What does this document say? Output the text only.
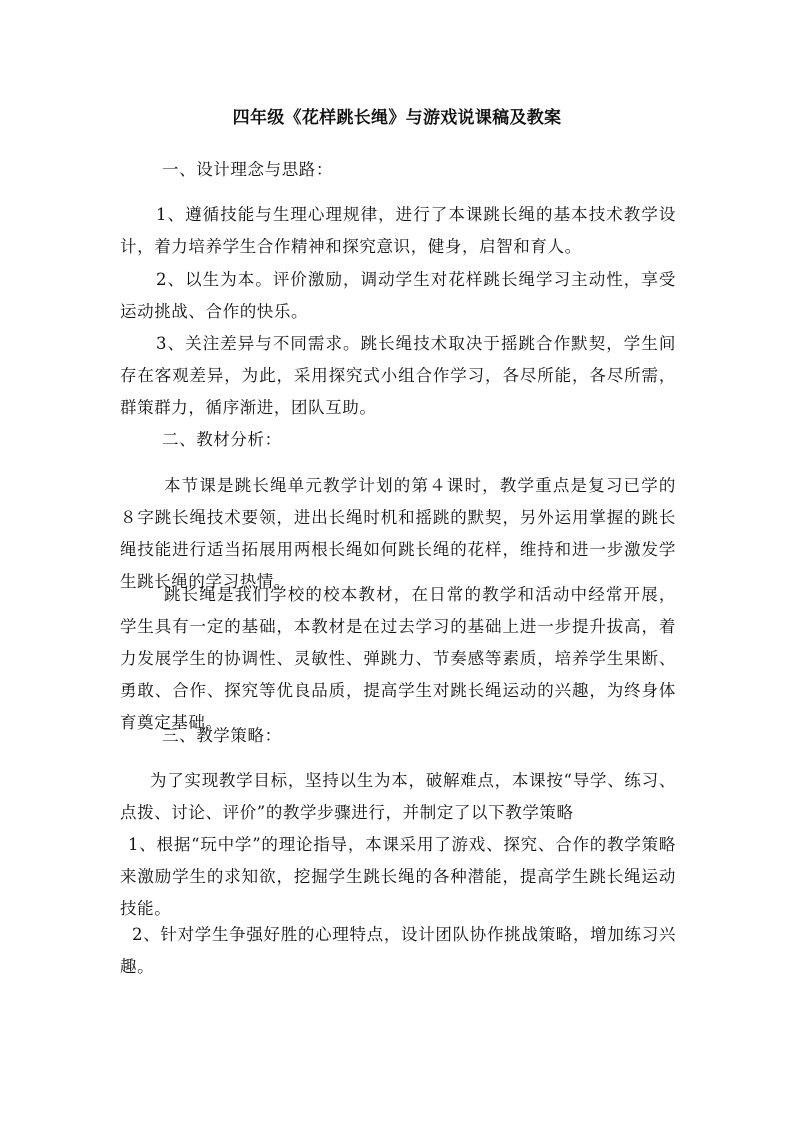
四年级《花样跳长绳》与游戏说课稿及教案

一、设计理念与思路：

1、遵循技能与生理心理规律，进行了本课跳长绳的基本技术教学设计，着力培养学生合作精神和探究意识，健身，启智和育人。

2、以生为本。评价激励，调动学生对花样跳长绳学习主动性，享受运动挑战、合作的快乐。

3、关注差异与不同需求。跳长绳技术取决于摇跳合作默契，学生间存在客观差异，为此，采用探究式小组合作学习，各尽所能，各尽所需，群策群力，循序渐进，团队互助。

二、教材分析：

本节课是跳长绳单元教学计划的第４课时，教学重点是复习已学的８字跳长绳技术要领，进出长绳时机和摇跳的默契，另外运用掌握的跳长绳技能进行适当拓展用两根长绳如何跳长绳的花样，维持和进一步激发学生跳长绳的学习热情。

跳长绳是我们学校的校本教材，在日常的教学和活动中经常开展，学生具有一定的基础，本教材是在过去学习的基础上进一步提升拔高，着力发展学生的协调性、灵敏性、弹跳力、节奏感等素质，培养学生果断、勇敢、合作、探究等优良品质，提高学生对跳长绳运动的兴趣，为终身体育奠定基础。

三、教学策略：

为了实现教学目标，坚持以生为本，破解难点，本课按“导学、练习、点拨、讨论、评价”的教学步骤进行，并制定了以下教学策略

1、根据“玩中学”的理论指导，本课采用了游戏、探究、合作的教学策略来激励学生的求知欲，挖掘学生跳长绳的各种潜能，提高学生跳长绳运动技能。

2、针对学生争强好胜的心理特点，设计团队协作挑战策略，增加练习兴趣。
